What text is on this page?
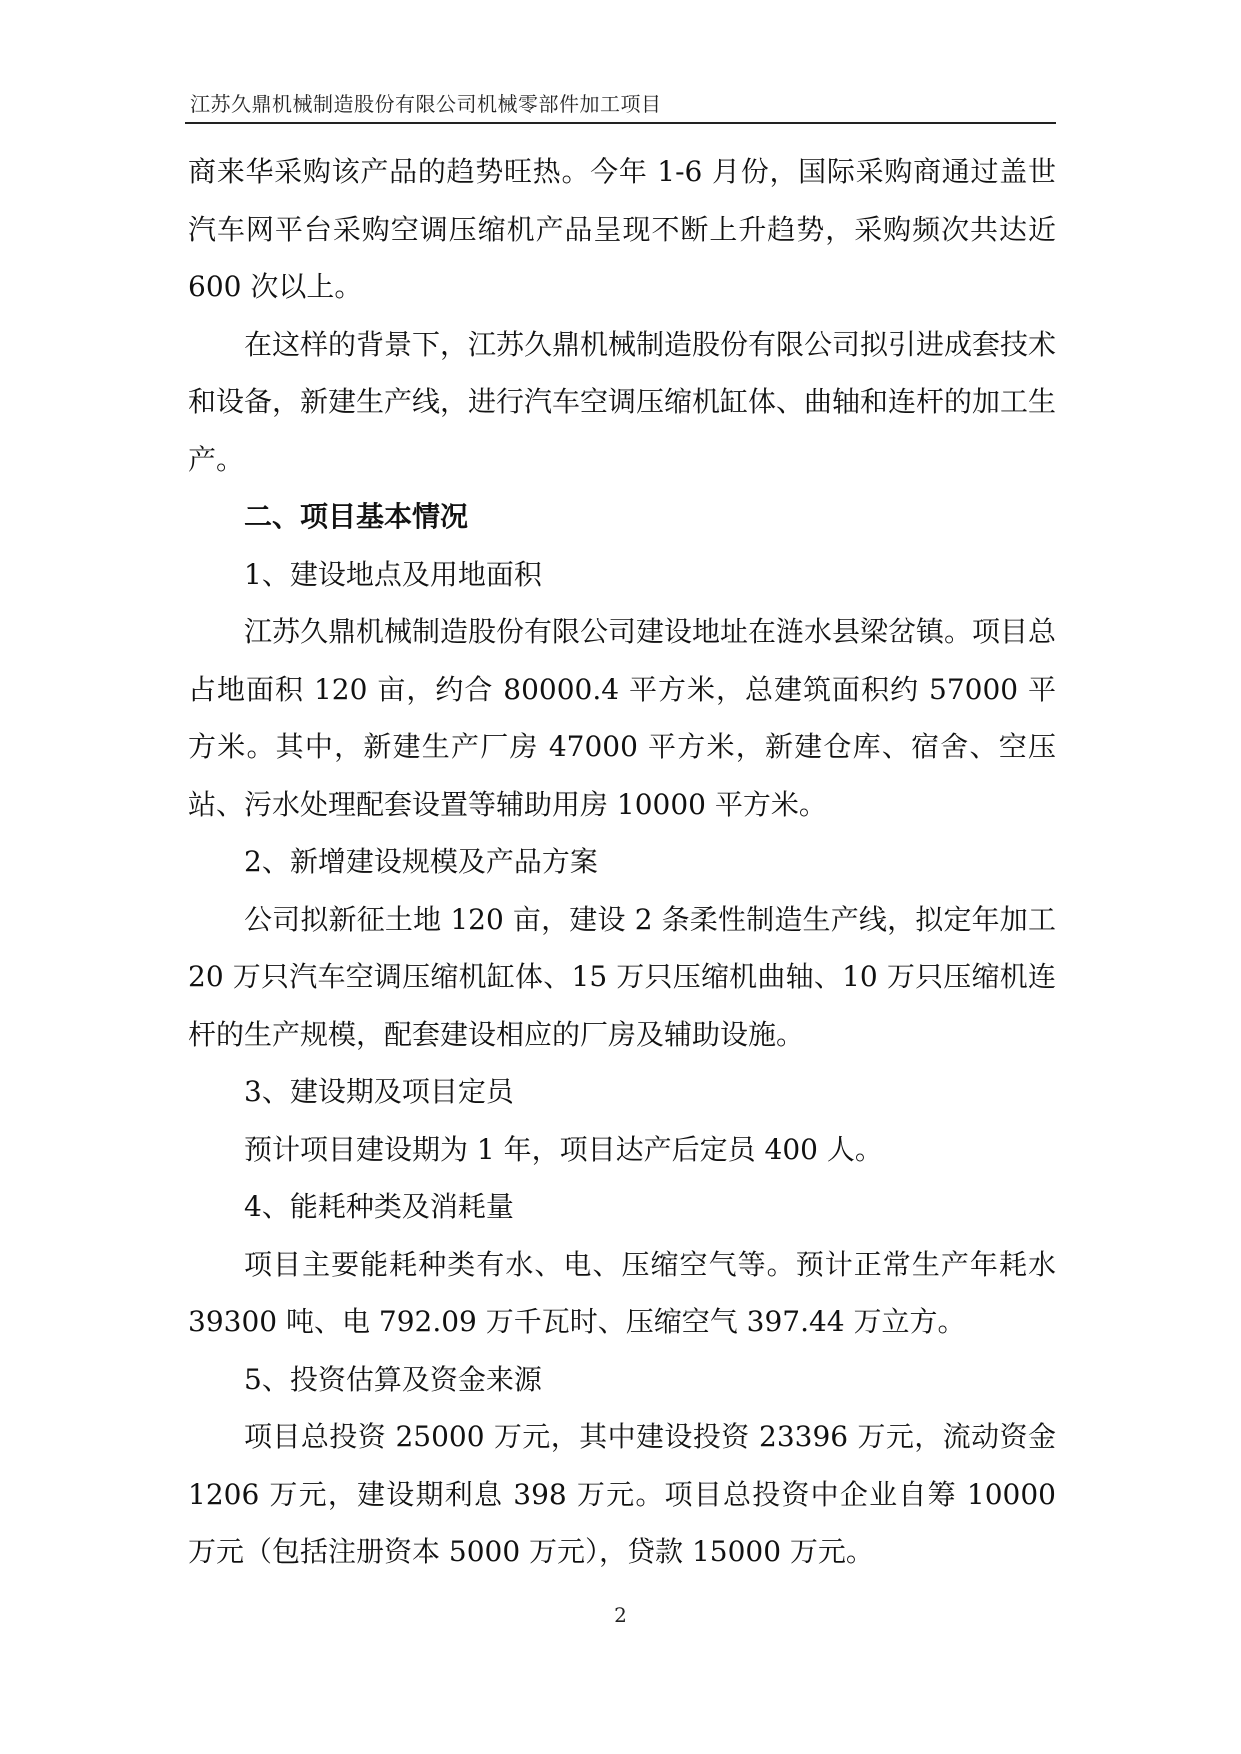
江苏久鼎机械制造股份有限公司机械零部件加工项目

商来华采购该产品的趋势旺热。今年 1-6 月份，国际采购商通过盖世汽车网平台采购空调压缩机产品呈现不断上升趋势，采购频次共达近 600 次以上。

在这样的背景下，江苏久鼎机械制造股份有限公司拟引进成套技术和设备，新建生产线，进行汽车空调压缩机缸体、曲轴和连杆的加工生产。

二、项目基本情况

1、建设地点及用地面积

江苏久鼎机械制造股份有限公司建设地址在涟水县梁岔镇。项目总占地面积 120 亩，约合 80000.4 平方米，总建筑面积约 57000 平方米。其中，新建生产厂房 47000 平方米，新建仓库、宿舍、空压站、污水处理配套设置等辅助用房 10000 平方米。

2、新增建设规模及产品方案

公司拟新征土地 120 亩，建设 2 条柔性制造生产线，拟定年加工 20 万只汽车空调压缩机缸体、15 万只压缩机曲轴、10 万只压缩机连杆的生产规模，配套建设相应的厂房及辅助设施。

3、建设期及项目定员

预计项目建设期为 1 年，项目达产后定员 400 人。

4、能耗种类及消耗量

项目主要能耗种类有水、电、压缩空气等。预计正常生产年耗水 39300 吨、电 792.09 万千瓦时、压缩空气 397.44 万立方。

5、投资估算及资金来源

项目总投资 25000 万元，其中建设投资 23396 万元，流动资金 1206 万元，建设期利息 398 万元。项目总投资中企业自筹 10000 万元（包括注册资本 5000 万元），贷款 15000 万元。

2
